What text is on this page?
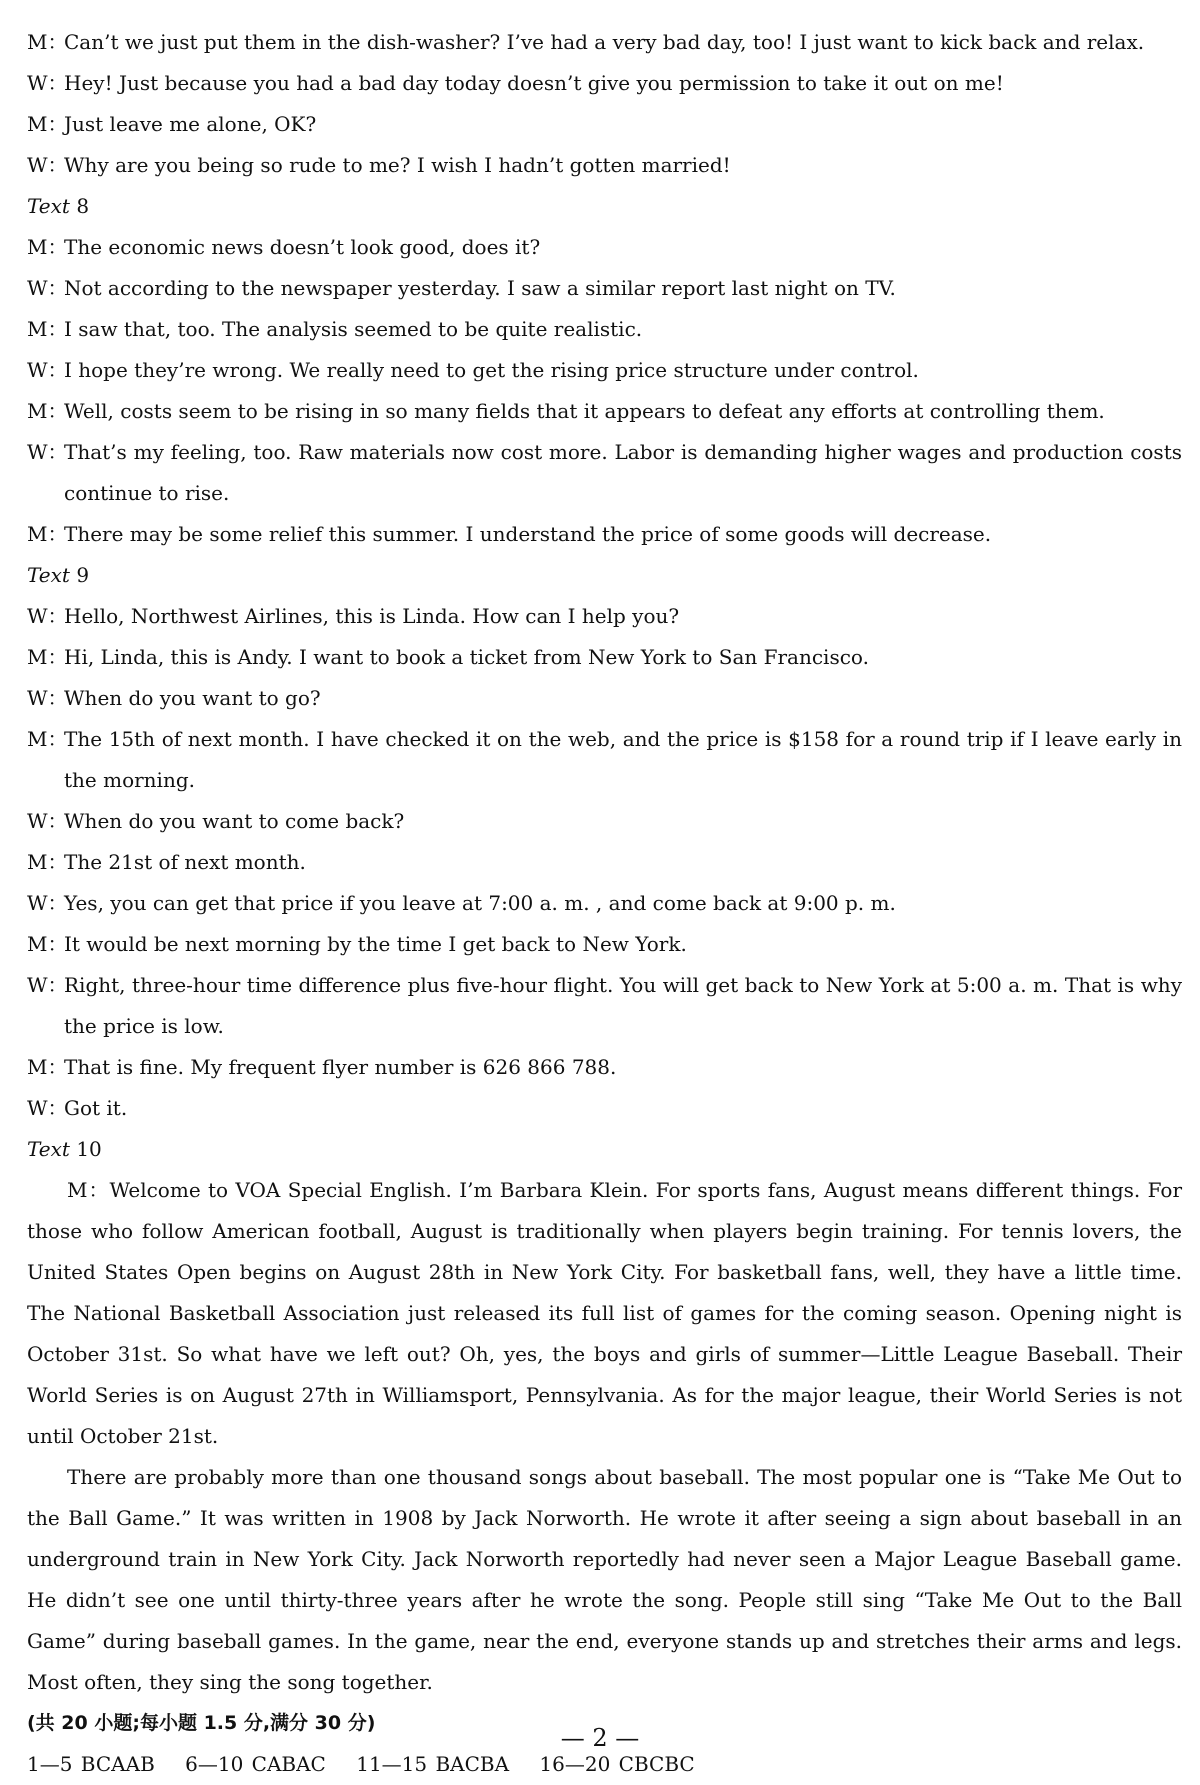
M：
Can’t we just put them in the dish-washer? I’ve had a very bad day, too! I just want to kick back and relax.
W：
Hey! Just because you had a bad day today doesn’t give you permission to take it out on me!
M：
Just leave me alone, OK?
W：
Why are you being so rude to me? I wish I hadn’t gotten married!
Text 8
M：
The economic news doesn’t look good, does it?
W：
Not according to the newspaper yesterday. I saw a similar report last night on TV.
M：
I saw that, too. The analysis seemed to be quite realistic.
W：
I hope they’re wrong. We really need to get the rising price structure under control.
M：
Well, costs seem to be rising in so many fields that it appears to defeat any efforts at controlling them.
W：
That’s my feeling, too. Raw materials now cost more. Labor is demanding higher wages and production costs continue to rise.
M：
There may be some relief this summer. I understand the price of some goods will decrease.
Text 9
W：
Hello, Northwest Airlines, this is Linda. How can I help you?
M：
Hi, Linda, this is Andy. I want to book a ticket from New York to San Francisco.
W：
When do you want to go?
M：
The 15th of next month. I have checked it on the web, and the price is $158 for a round trip if I leave early in the morning.
W：
When do you want to come back?
M：
The 21st of next month.
W：
Yes, you can get that price if you leave at 7:00 a. m. , and come back at 9:00 p. m.
M：
It would be next morning by the time I get back to New York.
W：
Right, three-hour time difference plus five-hour flight. You will get back to New York at 5:00 a. m. That is why the price is low.
M：
That is fine. My frequent flyer number is 626 866 788.
W：
Got it.
Text 10
M：Welcome to VOA Special English. I’m Barbara Klein. For sports fans, August means different things. For those who follow American football, August is traditionally when players begin training. For tennis lovers, the United States Open begins on August 28th in New York City. For basketball fans, well, they have a little time. The National Basketball Association just released its full list of games for the coming season. Opening night is October 31st. So what have we left out? Oh, yes, the boys and girls of summer—Little League Baseball. Their World Series is on August 27th in Williamsport, Pennsylvania. As for the major league, their World Series is not until October 21st.
There are probably more than one thousand songs about baseball. The most popular one is “Take Me Out to the Ball Game.” It was written in 1908 by Jack Norworth. He wrote it after seeing a sign about baseball in an underground train in New York City. Jack Norworth reportedly had never seen a Major League Baseball game. He didn’t see one until thirty-three years after he wrote the song. People still sing “Take Me Out to the Ball Game” during baseball games. In the game, near the end, everyone stands up and stretches their arms and legs. Most often, they sing the song together.
(共 20 小题;每小题 1.5 分,满分 30 分)
1—5 BCAAB 6—10 CABAC 11—15 BACBA 16—20 CBCBC
— 2 —
